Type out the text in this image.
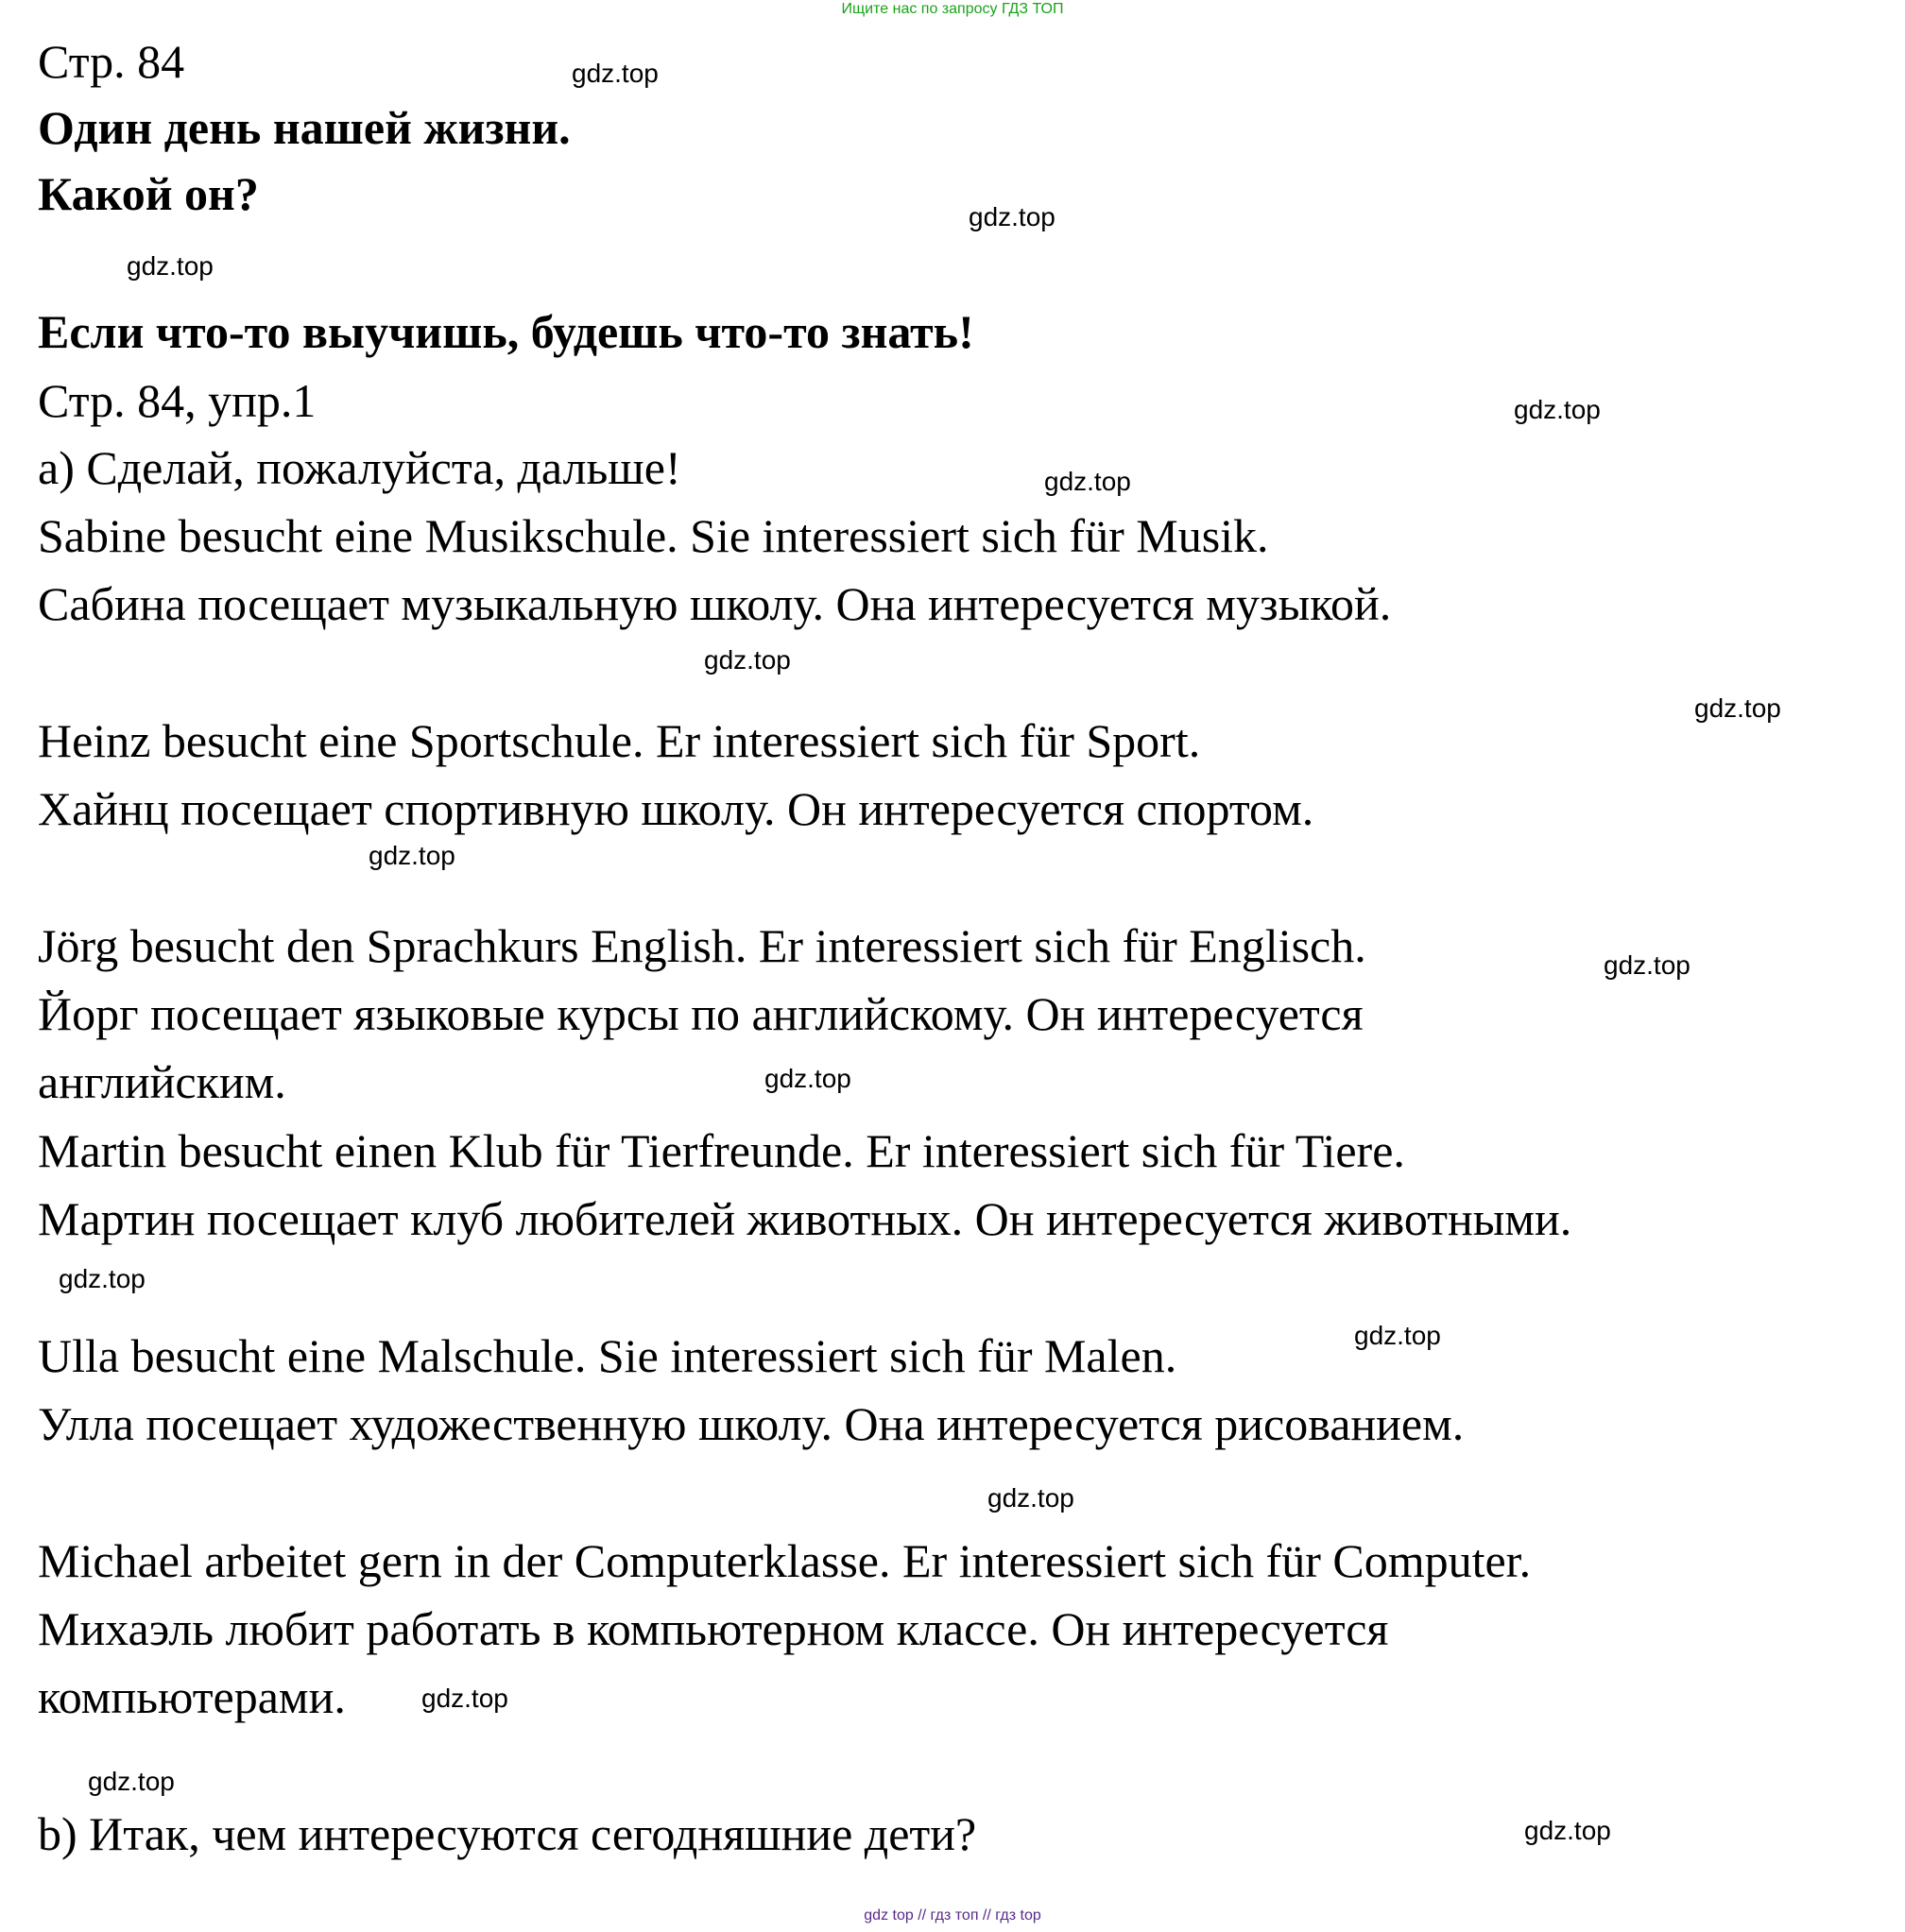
Ищите нас по запросу ГДЗ ТОП
Стр. 84
Один день нашей жизни.
Какой он?
Если что-то выучишь, будешь что-то знать!
Стр. 84, упр.1
а) Сделай, пожалуйста, дальше!
Sabine besucht eine Musikschule. Sie interessiert sich für Musik.
Сабина посещает музыкальную школу. Она интересуется музыкой.
Heinz besucht eine Sportschule. Er interessiert sich für Sport.
Хайнц посещает спортивную школу. Он интересуется спортом.
Jörg besucht den Sprachkurs English. Er interessiert sich für Englisch.
Йорг посещает языковые курсы по английскому. Он интересуется
английским.
Martin besucht einen Klub für Tierfreunde. Er interessiert sich für Tiere.
Мартин посещает клуб любителей животных. Он интересуется животными.
Ulla besucht eine Malschule. Sie interessiert sich für Malen.
Улла посещает художественную школу. Она интересуется рисованием.
Michael arbeitet gern in der Computerklasse. Er interessiert sich für Computer.
Михаэль любит работать в компьютерном классе. Он интересуется
компьютерами.
b) Итак, чем интересуются сегодняшние дети?
gdz.top
gdz.top
gdz.top
gdz.top
gdz.top
gdz.top
gdz.top
gdz.top
gdz.top
gdz.top
gdz.top
gdz.top
gdz.top
gdz.top
gdz.top
gdz.top
gdz top // гдз топ // гдз top
